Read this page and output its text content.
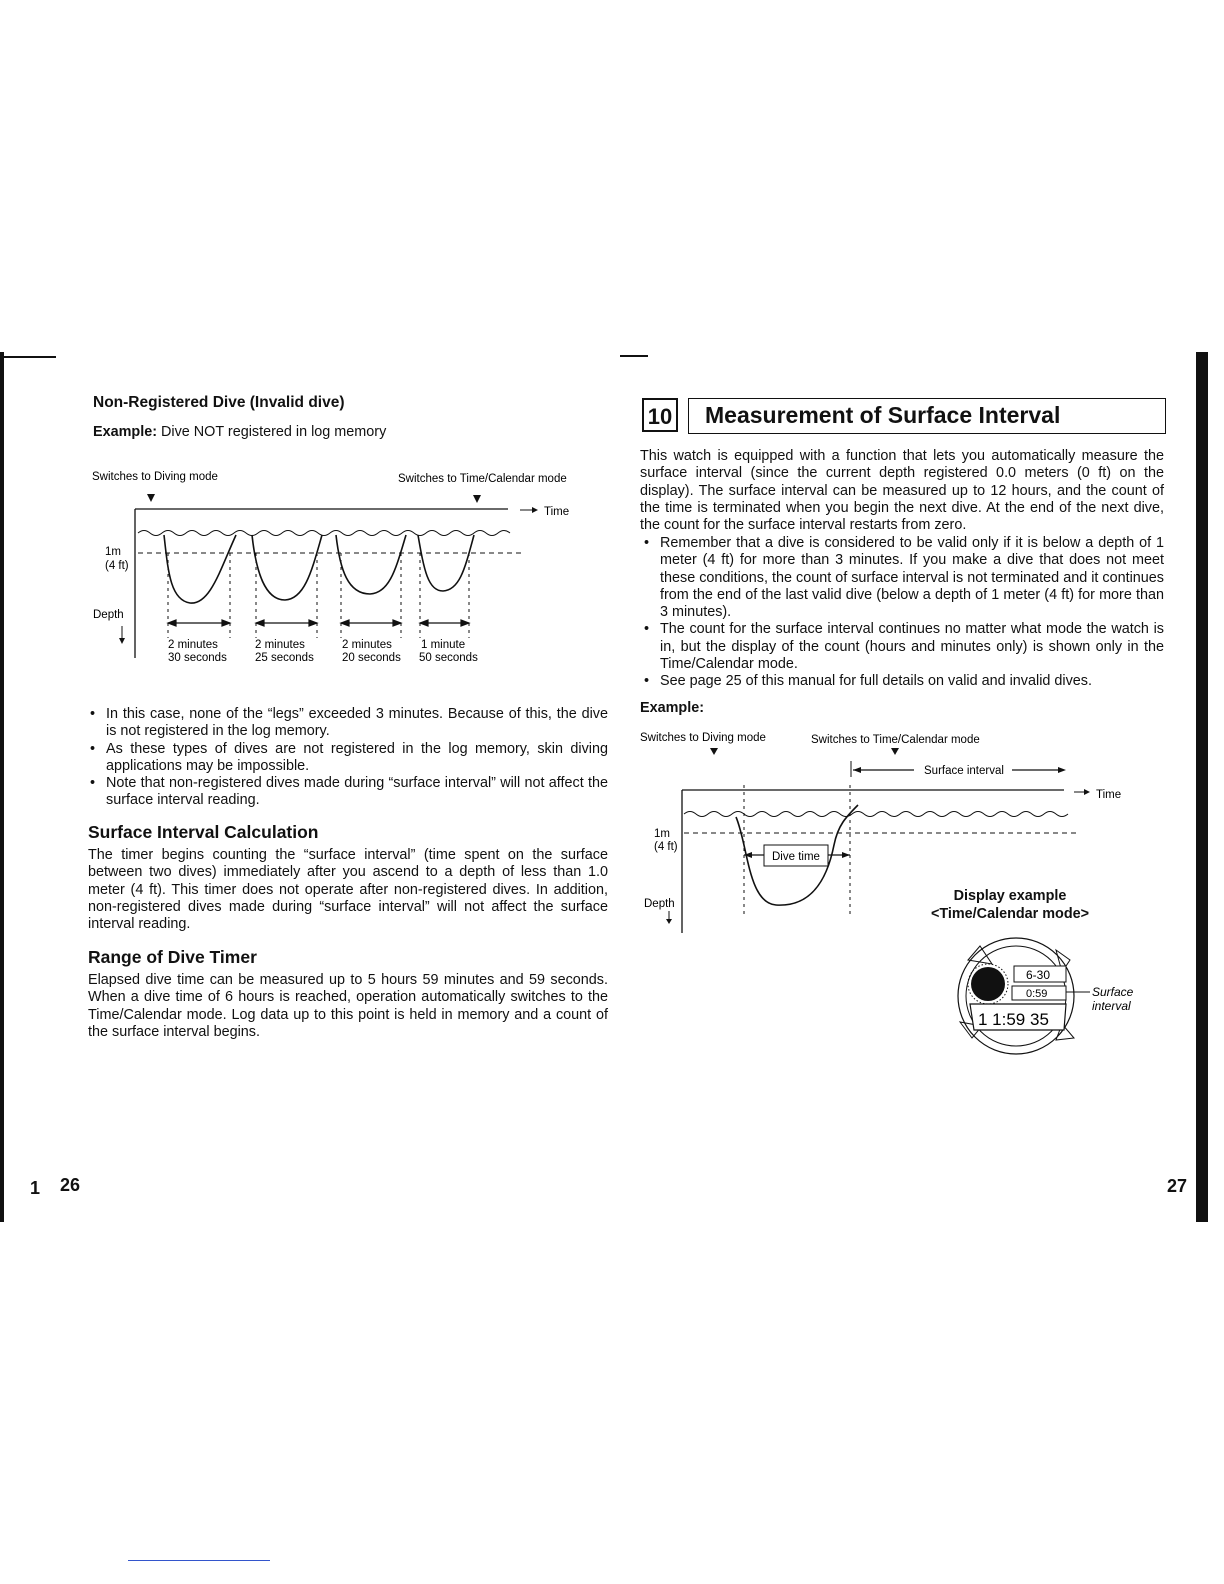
Non-Registered Dive (Invalid dive)
Example: Dive NOT registered in log memory
Switches to Diving mode	Switches to Time/Calendar mode
Time
1m
(4 ft)
Depth
2 minutes
30 seconds
2 minutes
25 seconds
2 minutes
20 seconds
1 minute
50 seconds
• In this case, none of the “legs” exceeded 3 minutes. Because of this, the dive is not registered in the log memory.
• As these types of dives are not registered in the log memory, skin diving applications may be impossible.
• Note that non-registered dives made during “surface interval” will not affect the surface interval reading.
Surface Interval Calculation
The timer begins counting the “surface interval” (time spent on the surface between two dives) immediately after you ascend to a depth of less than 1.0 meter (4 ft). This timer does not operate after non-registered dives. In addition, non-registered dives made during “surface interval” will not affect the surface interval reading.
Range of Dive Timer
Elapsed dive time can be measured up to 5 hours 59 minutes and 59 seconds. When a dive time of 6 hours is reached, operation automatically switches to the Time/Calendar mode. Log data up to this point is held in memory and a count of the surface interval begins.
1 26
10	Measurement of Surface Interval
This watch is equipped with a function that lets you automatically measure the surface interval (since the current depth registered 0.0 meters (0 ft) on the display). The surface interval can be measured up to 12 hours, and the count of the time is terminated when you begin the next dive. At the end of the next dive, the count for the surface interval restarts from zero.
• Remember that a dive is considered to be valid only if it is below a depth of 1 meter (4 ft) for more than 3 minutes. If you make a dive that does not meet these conditions, the count of surface interval is not terminated and it continues from the end of the last valid dive (below a depth of 1 meter (4 ft) for more than 3 minutes).
• The count for the surface interval continues no matter what mode the watch is in, but the display of the count (hours and minutes only) is shown only in the Time/Calendar mode.
• See page 25 of this manual for full details on valid and invalid dives.
Example:
Switches to Diving mode	Switches to Time/Calendar mode
Surface interval
Time
1m
(4 ft)
Depth
Dive time
Display example
<Time/Calendar mode>
6-30
0:59
1 1:59 35
Surface
interval
27
